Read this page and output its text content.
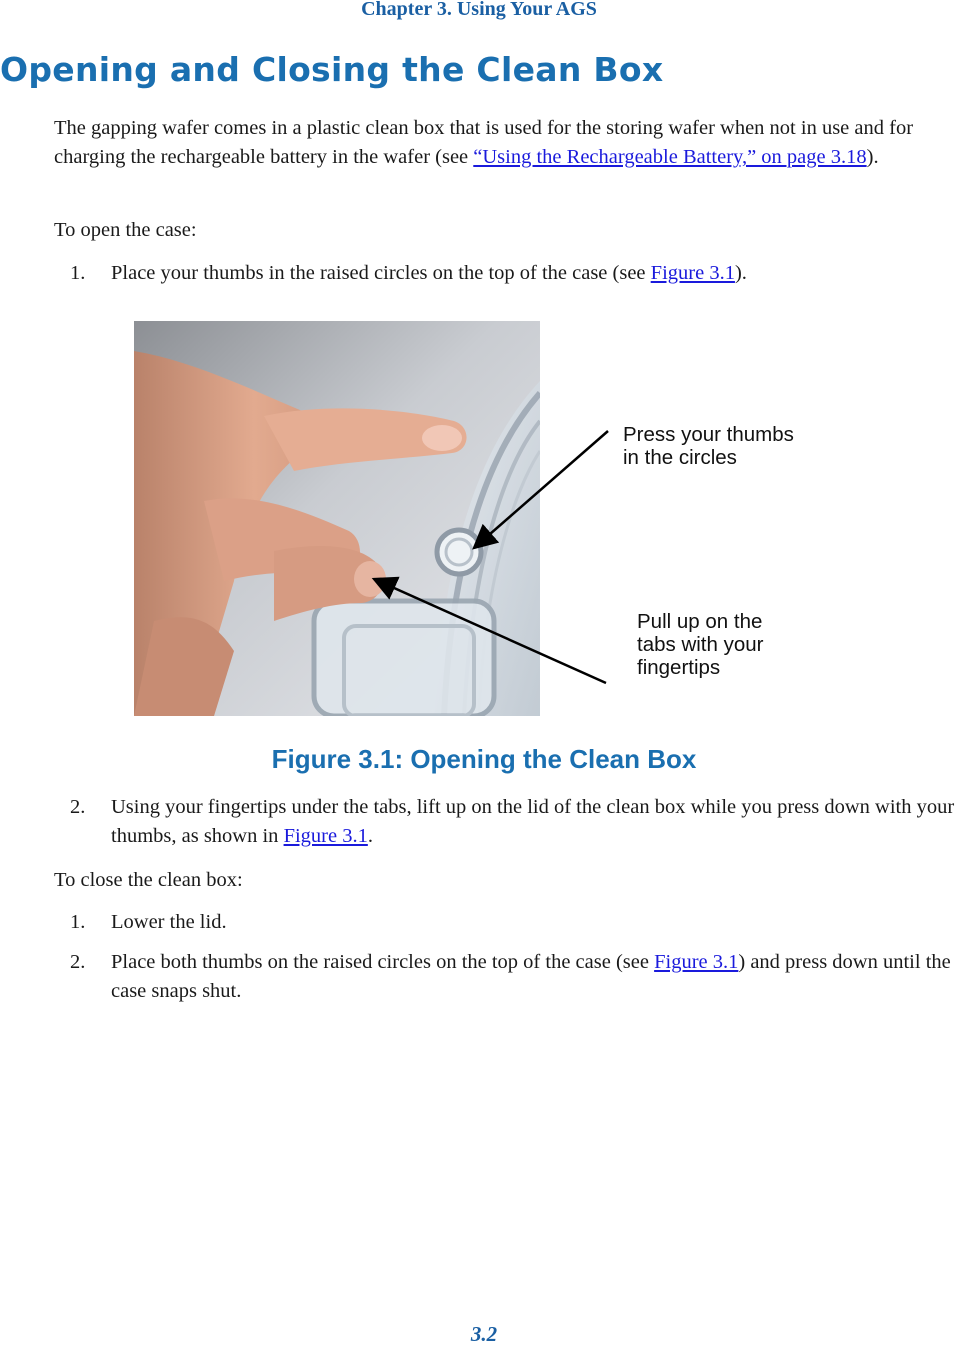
Chapter 3. Using Your AGS
Opening and Closing the Clean Box

The gapping wafer comes in a plastic clean box that is used for the storing wafer when not in use and for charging the rechargeable battery in the wafer (see “Using the Rechargeable Battery,” on page 3.18).

To open the case:

1. Place your thumbs in the raised circles on the top of the case (see Figure 3.1).
Press your thumbs
in the circles
Pull up on the
tabs with your
fingertips
Figure 3.1: Opening the Clean Box
2. Using your fingertips under the tabs, lift up on the lid of the clean box while you press down with your thumbs, as shown in Figure 3.1.

To close the clean box:

1. Lower the lid.
2. Place both thumbs on the raised circles on the top of the case (see Figure 3.1) and press down until the case snaps shut.
3.2
